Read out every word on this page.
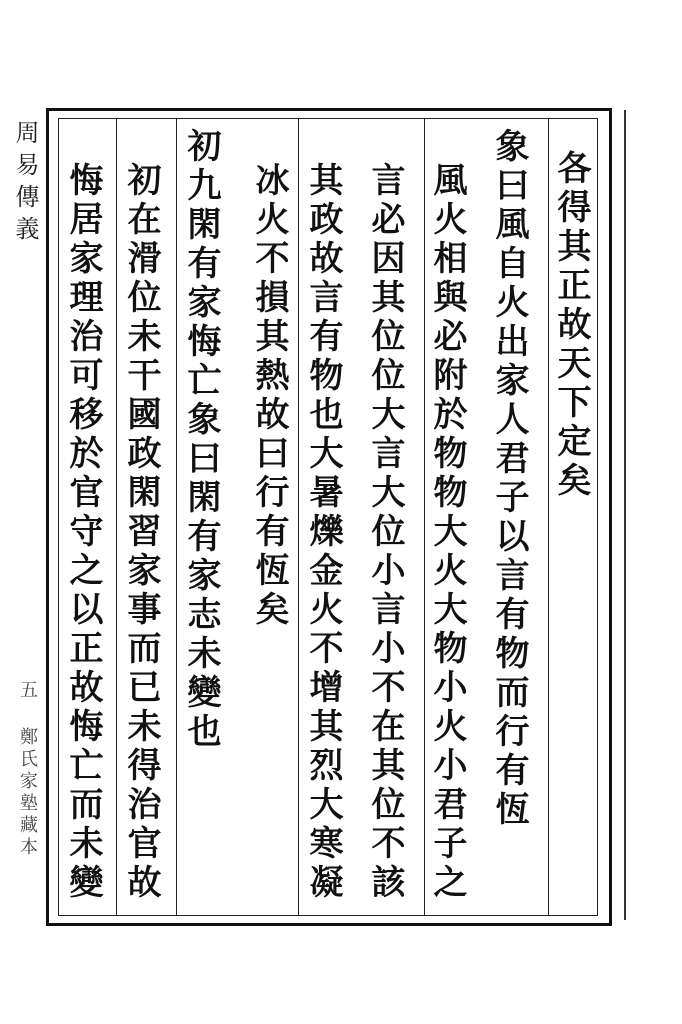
周易傳義
五 鄭氏家塾藏本
各得其正故天下定矣
象曰風自火出家人君子以言有物而行有恆
風火相與必附於物物大火大物小火小君子之
言必因其位位大言大位小言小不在其位不該
其政故言有物也大暑爍金火不增其烈大寒凝
冰火不損其熱故曰行有恆矣
初九閑有家悔亡象曰閑有家志未變也
初在滑位未干國政閑習家事而已未得治官故
悔居家理治可移於官守之以正故悔亡而未變
